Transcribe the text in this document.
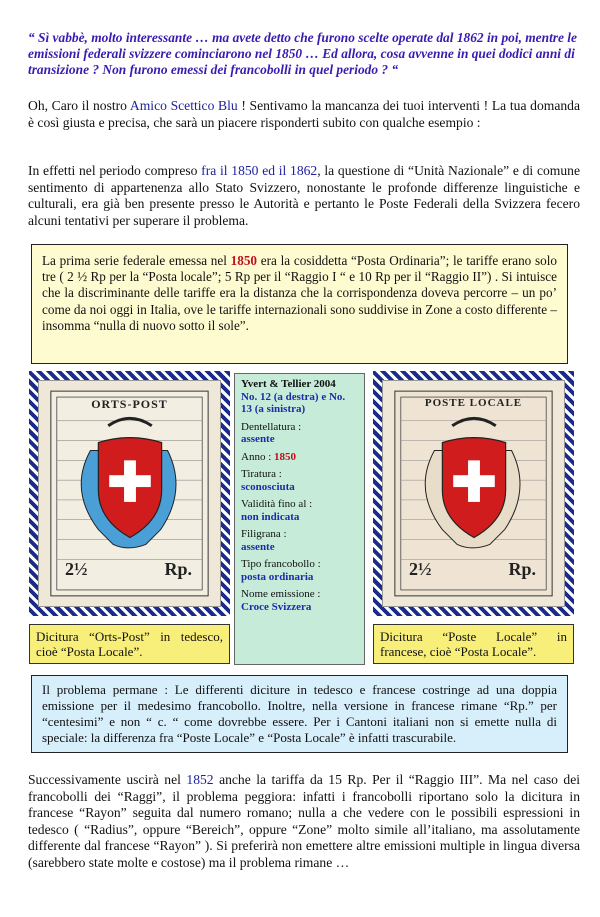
“ Sì vabbè, molto interessante … ma avete detto che furono scelte operate dal 1862 in poi, mentre le emissioni federali svizzere cominciarono nel 1850 … Ed allora, cosa avvenne in quei dodici anni di transizione ? Non furono emessi dei francobolli in quel periodo ? “

Oh, Caro il nostro Amico Scettico Blu ! Sentivamo la mancanza dei tuoi interventi ! La tua domanda è così giusta e precisa, che sarà un piacere risponderti subito con qualche esempio :

In effetti nel periodo compreso fra il 1850 ed il 1862, la questione di “Unità Nazionale” e di comune sentimento di appartenenza allo Stato Svizzero, nonostante le profonde differenze linguistiche e culturali, era già ben presente presso le Autorità e pertanto le Poste Federali della Svizzera fecero alcuni tentativi per superare il problema.

La prima serie federale emessa nel 1850 era la cosiddetta “Posta Ordinaria”; le tariffe erano solo tre ( 2 ½ Rp per la “Posta locale”; 5 Rp per il “Raggio I “ e 10 Rp per il “Raggio II”) . Si intuisce che la discriminante delle tariffe era la distanza che la corrispondenza doveva percorre – un po’ come da noi oggi in Italia, ove le tariffe internazionali sono suddivise in Zone a costo differente – insomma “nulla di nuovo sotto il sole”.
ORTS-POST
2½	Rp.
POSTE LOCALE
2½	Rp.
Dicitura “Orts-Post” in tedesco, cioè “Posta Locale”.
Dicitura “Poste Locale” in francese, cioè “Posta Locale”.
Yvert & Tellier 2004
No. 12 (a destra) e No. 13 (a sinistra)
Dentellatura :
assente
Anno : 1850
Tiratura :
sconosciuta
Validità fino al :
non indicata
Filigrana :
assente
Tipo francobollo :
posta ordinaria
Nome emissione :
Croce Svizzera
Il problema permane : Le differenti diciture in tedesco e francese costringe ad una doppia emissione per il medesimo francobollo. Inoltre, nella versione in francese rimane “Rp.” per “centesimi” e non “ c. “ come dovrebbe essere. Per i Cantoni italiani non si emette nulla di speciale: la differenza fra “Poste Locale” e “Posta Locale” è infatti trascurabile.

Successivamente uscirà nel 1852 anche la tariffa da 15 Rp. Per il “Raggio III”. Ma nel caso dei francobolli dei “Raggi”, il problema peggiora: infatti i francobolli riportano solo la dicitura in francese “Rayon” seguita dal numero romano; nulla a che vedere con le possibili espressioni in tedesco ( “Radius”, oppure “Bereich”, oppure “Zone” molto simile all’italiano, ma assolutamente differente dal francese “Rayon” ). Si preferirà non emettere altre emissioni multiple in lingua diversa (sarebbero state molte e costose) ma il problema rimane …
